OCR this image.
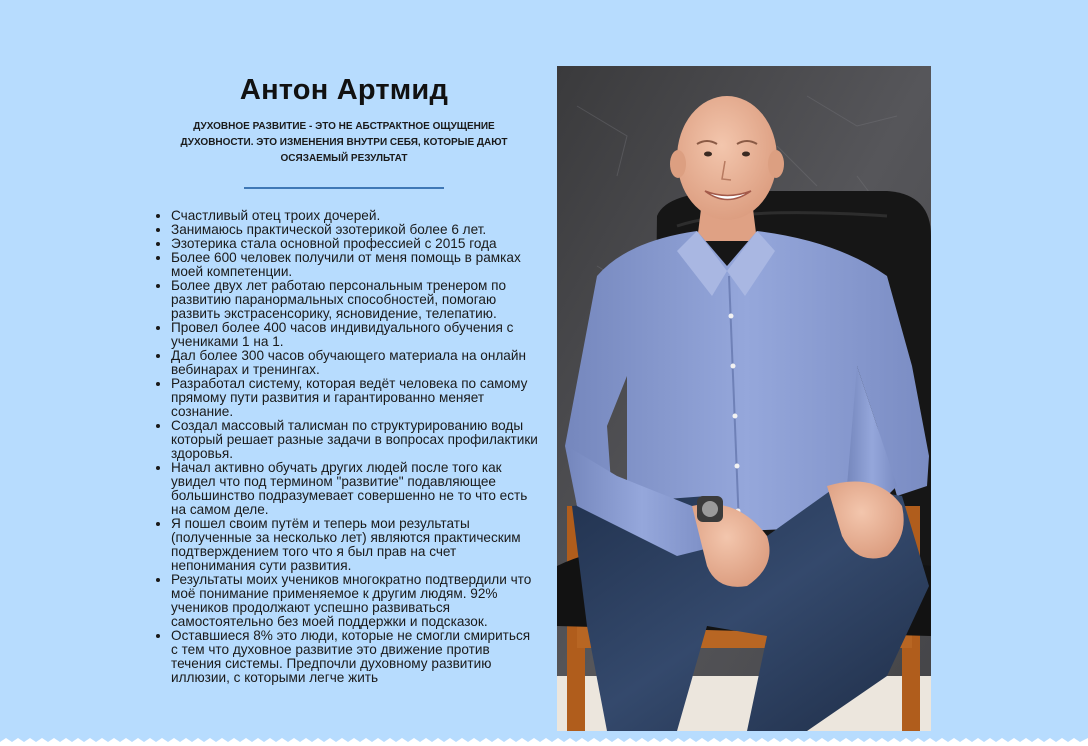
Антон Артмид
ДУХОВНОЕ РАЗВИТИЕ - ЭТО НЕ АБСТРАКТНОЕ ОЩУЩЕНИЕ ДУХОВНОСТИ. ЭТО ИЗМЕНЕНИЯ ВНУТРИ СЕБЯ, КОТОРЫЕ ДАЮТ ОСЯЗАЕМЫЙ РЕЗУЛЬТАТ
• Счастливый отец троих дочерей.
• Занимаюсь практической эзотерикой более 6 лет.
• Эзотерика стала основной профессией с 2015 года
• Более 600 человек получили от меня помощь в рамках моей компетенции.
• Более двух лет работаю персональным тренером по развитию паранормальных способностей, помогаю развить экстрасенсорику, ясновидение, телепатию.
• Провел более 400 часов индивидуального обучения с учениками 1 на 1.
• Дал более 300 часов обучающего материала на онлайн вебинарах и тренингах.
• Разработал систему, которая ведёт человека по самому прямому пути развития и гарантированно меняет сознание.
• Создал массовый талисман по структурированию воды который решает разные задачи в вопросах профилактики здоровья.
• Начал активно обучать других людей после того как увидел что под термином "развитие" подавляющее большинство подразумевает совершенно не то что есть на самом деле.
• Я пошел своим путём и теперь мои результаты (полученные за несколько лет) являются практическим подтверждением того что я был прав на счет непонимания сути развития.
• Результаты моих учеников многократно подтвердили что моё понимание применяемое к другим людям. 92% учеников продолжают успешно развиваться самостоятельно без моей поддержки и подсказок.
• Оставшиеся 8% это люди, которые не смогли смириться с тем что духовное развитие это движение против течения системы. Предпочли духовному развитию иллюзии, с которыми легче жить
